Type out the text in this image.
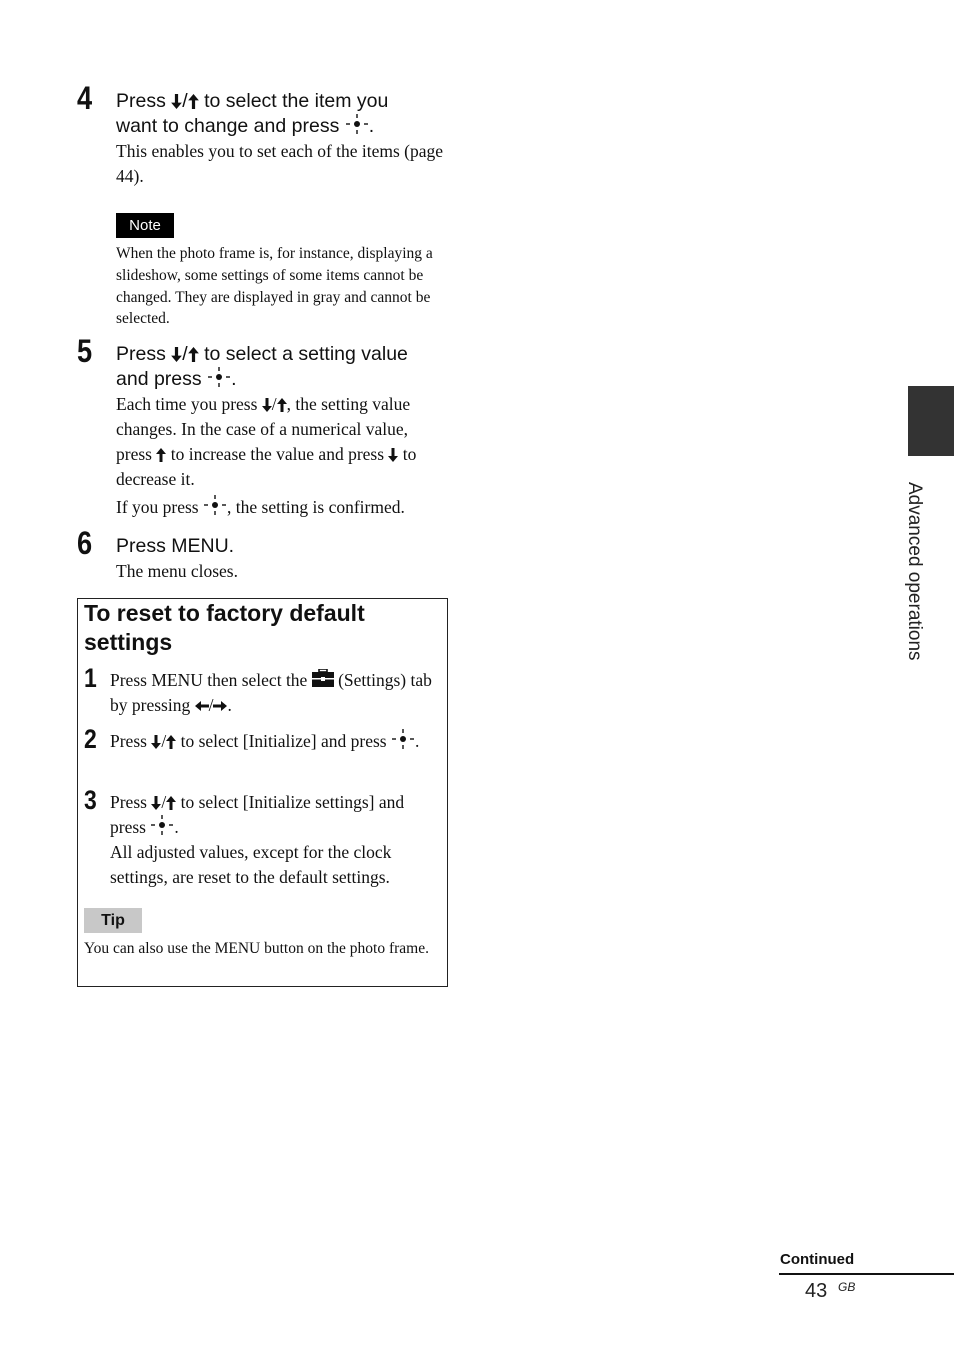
4 Press / to select the item you
want to change and press .

This enables you to set each of the items (page 44).

Note

When the photo frame is, for instance, displaying a slideshow, some settings of some items cannot be changed. They are displayed in gray and cannot be selected.

5 Press / to select a setting value
and press .

Each time you press / , the setting value changes. In the case of a numerical value, press  to increase the value and press  to decrease it.

If you press , the setting is confirmed.

6 Press MENU.

The menu closes.

To reset to factory default settings
1 Press MENU then select the  (Settings) tab by pressing / .

2 Press / to select [Initialize] and press .

3 Press / to select [Initialize settings] and press .
All adjusted values, except for the clock settings, are reset to the default settings.

Tip

You can also use the MENU button on the photo frame.

Advanced operations
Continued
43 GB
